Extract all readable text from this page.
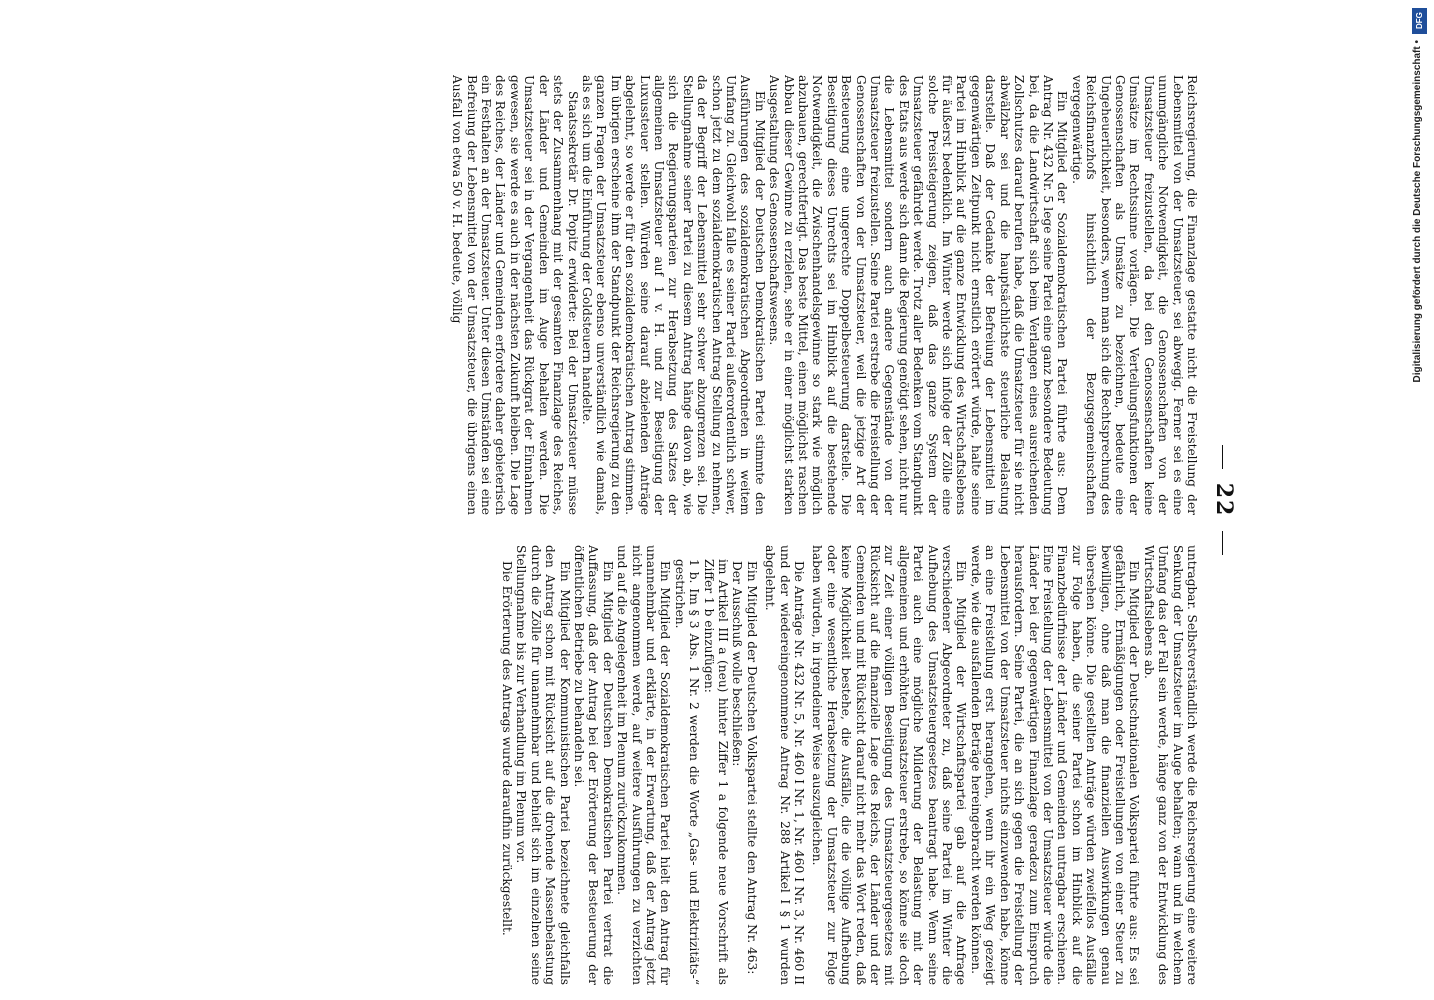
22

Reichsregierung, die Finanzlage gestatte nicht die Freistellung der Lebensmittel von der Umsatzsteuer, sei abwegig. Ferner sei es eine unumgängliche Notwendigkeit, die Genossenschaften von der Umsatzsteuer freizustellen, da bei den Genossenschaften keine Umsätze im Rechtssinne vorlägen. Die Verteilungsfunktionen der Genossenschaften als Umsätze zu bezeichnen, bedeute eine Ungeheuerlichkeit, besonders, wenn man sich die Rechtsprechung des Reichsfinanzhofs hinsichtlich der Bezugsgemeinschaften vergegenwärtige.

Ein Mitglied der Sozialdemokratischen Partei führte aus: Dem Antrag Nr. 432 Nr. 5 lege seine Partei eine ganz besondere Bedeutung bei, da die Landwirtschaft sich beim Verlangen eines ausreichenden Zollschutzes darauf berufen habe, daß die Umsatzsteuer für sie nicht abwälzbar sei und die hauptsächlichste steuerliche Belastung darstelle. Daß der Gedanke der Befreiung der Lebensmittel im gegenwärtigen Zeitpunkt nicht ernstlich erörtert würde, halte seine Partei im Hinblick auf die ganze Entwicklung des Wirtschaftslebens für äußerst bedenklich. Im Winter werde sich infolge der Zölle eine solche Preissteigerung zeigen, daß das ganze System der Umsatzsteuer gefährdet werde. Trotz aller Bedenken vom Standpunkt des Etats aus werde sich dann die Regierung genötigt sehen, nicht nur die Lebensmittel sondern auch andere Gegenstände von der Umsatzsteuer freizustellen. Seine Partei erstrebe die Freistellung der Genossenschaften von der Umsatzsteuer, weil die jetzige Art der Besteuerung eine ungerechte Doppelbesteuerung darstelle. Die Beseitigung dieses Unrechts sei im Hinblick auf die bestehende Notwendigkeit, die Zwischenhandelsgewinne so stark wie möglich abzubauen, gerechtfertigt. Das beste Mittel, einen möglichst raschen Abbau dieser Gewinne zu erzielen, sehe er in einer möglichst starken Ausgestaltung des Genossenschaftswesens.

Ein Mitglied der Deutschen Demokratischen Partei stimmte den Ausführungen des sozialdemokratischen Abgeordneten in weitem Umfang zu. Gleichwohl falle es seiner Partei außerordentlich schwer, schon jetzt zu dem sozialdemokratischen Antrag Stellung zu nehmen, da der Begriff der Lebensmittel sehr schwer abzugrenzen sei. Die Stellungnahme seiner Partei zu diesem Antrag hänge davon ab, wie sich die Regierungsparteien zur Herabsetzung des Satzes der allgemeinen Umsatzsteuer auf 1 v. H. und zur Beseitigung der Luxussteuer stellen. Würden seine darauf abzielenden Anträge abgelehnt, so werde er für den sozialdemokratischen Antrag stimmen. Im übrigen erscheine ihm der Standpunkt der Reichsregierung zu den ganzen Fragen der Umsatzsteuer ebenso unverständlich wie damals, als es sich um die Einführung der Goldsteuern handelte.

Staatssekretär Dr. Popitz erwiderte: Bei der Umsatzsteuer müsse stets der Zusammenhang mit der gesamten Finanzlage des Reiches, der Länder und Gemeinden im Auge behalten werden. Die Umsatzsteuer sei in der Vergangenheit das Rückgrat der Einnahmen gewesen, sie werde es auch in der nächsten Zukunft bleiben. Die Lage des Reiches, der Länder und Gemeinden erfordere daher gebieterisch ein Festhalten an der Umsatzsteuer. Unter diesen Umständen sei eine Befreiung der Lebensmittel von der Umsatzsteuer, die übrigens einen Ausfall von etwa 50 v. H. bedeute, völlig

untragbar. Selbstverständlich werde die Reichsregierung eine weitere Senkung der Umsatzsteuer im Auge behalten; wann und in welchem Umfang das der Fall sein werde, hänge ganz von der Entwicklung des Wirtschaftslebens ab.

Ein Mitglied der Deutschnationalen Volkspartei führte aus: Es sei gefährlich, Ermäßigungen oder Freistellungen von einer Steuer zu bewilligen, ohne daß man die finanziellen Auswirkungen genau übersehen könne. Die gestellten Anträge würden zweifellos Ausfälle zur Folge haben, die seiner Partei schon im Hinblick auf die Finanzbedürfnisse der Länder und Gemeinden untragbar erschienen. Eine Freistellung der Lebensmittel von der Umsatzsteuer würde die Länder bei der gegenwärtigen Finanzlage geradezu zum Einspruch herausfordern. Seine Partei, die an sich gegen die Freistellung der Lebensmittel von der Umsatzsteuer nichts einzuwenden habe, könne an eine Freistellung erst herangehen, wenn ihr ein Weg gezeigt werde, wie die ausfallenden Beträge hereingebracht werden können.

Ein Mitglied der Wirtschaftspartei gab auf die Anfrage verschiedener Abgeordneter zu, daß seine Partei im Winter die Aufhebung des Umsatzsteuergesetzes beantragt habe. Wenn seine Partei auch eine mögliche Milderung der Belastung mit der allgemeinen und erhöhten Umsatzsteuer erstrebe, so könne sie doch zur Zeit einer völligen Beseitigung des Umsatzsteuergesetzes mit Rücksicht auf die finanzielle Lage des Reichs, der Länder und der Gemeinden und mit Rücksicht darauf nicht mehr das Wort reden, daß keine Möglichkeit bestehe, die Ausfälle, die die völlige Aufhebung oder eine wesentliche Herabsetzung der Umsatzsteuer zur Folge haben würden, in irgendeiner Weise auszugleichen.

Die Anträge Nr. 432 Nr. 5, Nr. 460 I Nr. 1, Nr. 460 I Nr. 3, Nr. 460 II und der wiedereingenommene Antrag Nr. 288 Artikel I § 1 wurden abgelehnt.

Ein Mitglied der Deutschen Volkspartei stellte den Antrag Nr. 463:

Der Ausschuß wolle beschließen:

im Artikel III a (neu) hinter Ziffer 1 a folgende neue Vorschrift als Ziffer 1 b einzufügen:

1 b. Im § 3 Abs. 1 Nr. 2 werden die Worte „Gas- und Elektrizitäts-“ gestrichen.

Ein Mitglied der Sozialdemokratischen Partei hielt den Antrag für unannehmbar und erklärte, in der Erwartung, daß der Antrag jetzt nicht angenommen werde, auf weitere Ausführungen zu verzichten und auf die Angelegenheit im Plenum zurückzukommen.

Ein Mitglied der Deutschen Demokratischen Partei vertrat die Auffassung, daß der Antrag bei der Erörterung der Besteuerung der öffentlichen Betriebe zu behandeln sei.

Ein Mitglied der Kommunistischen Partei bezeichnete gleichfalls den Antrag schon mit Rücksicht auf die drohende Massenbelastung durch die Zölle für unannehmbar und behielt sich im einzelnen seine Stellungnahme bis zur Verhandlung im Plenum vor.

Die Erörterung des Antrags wurde daraufhin zurückgestellt.

DFG
Digitalisierung gefördert durch die Deutsche Forschungsgemeinschaft •
